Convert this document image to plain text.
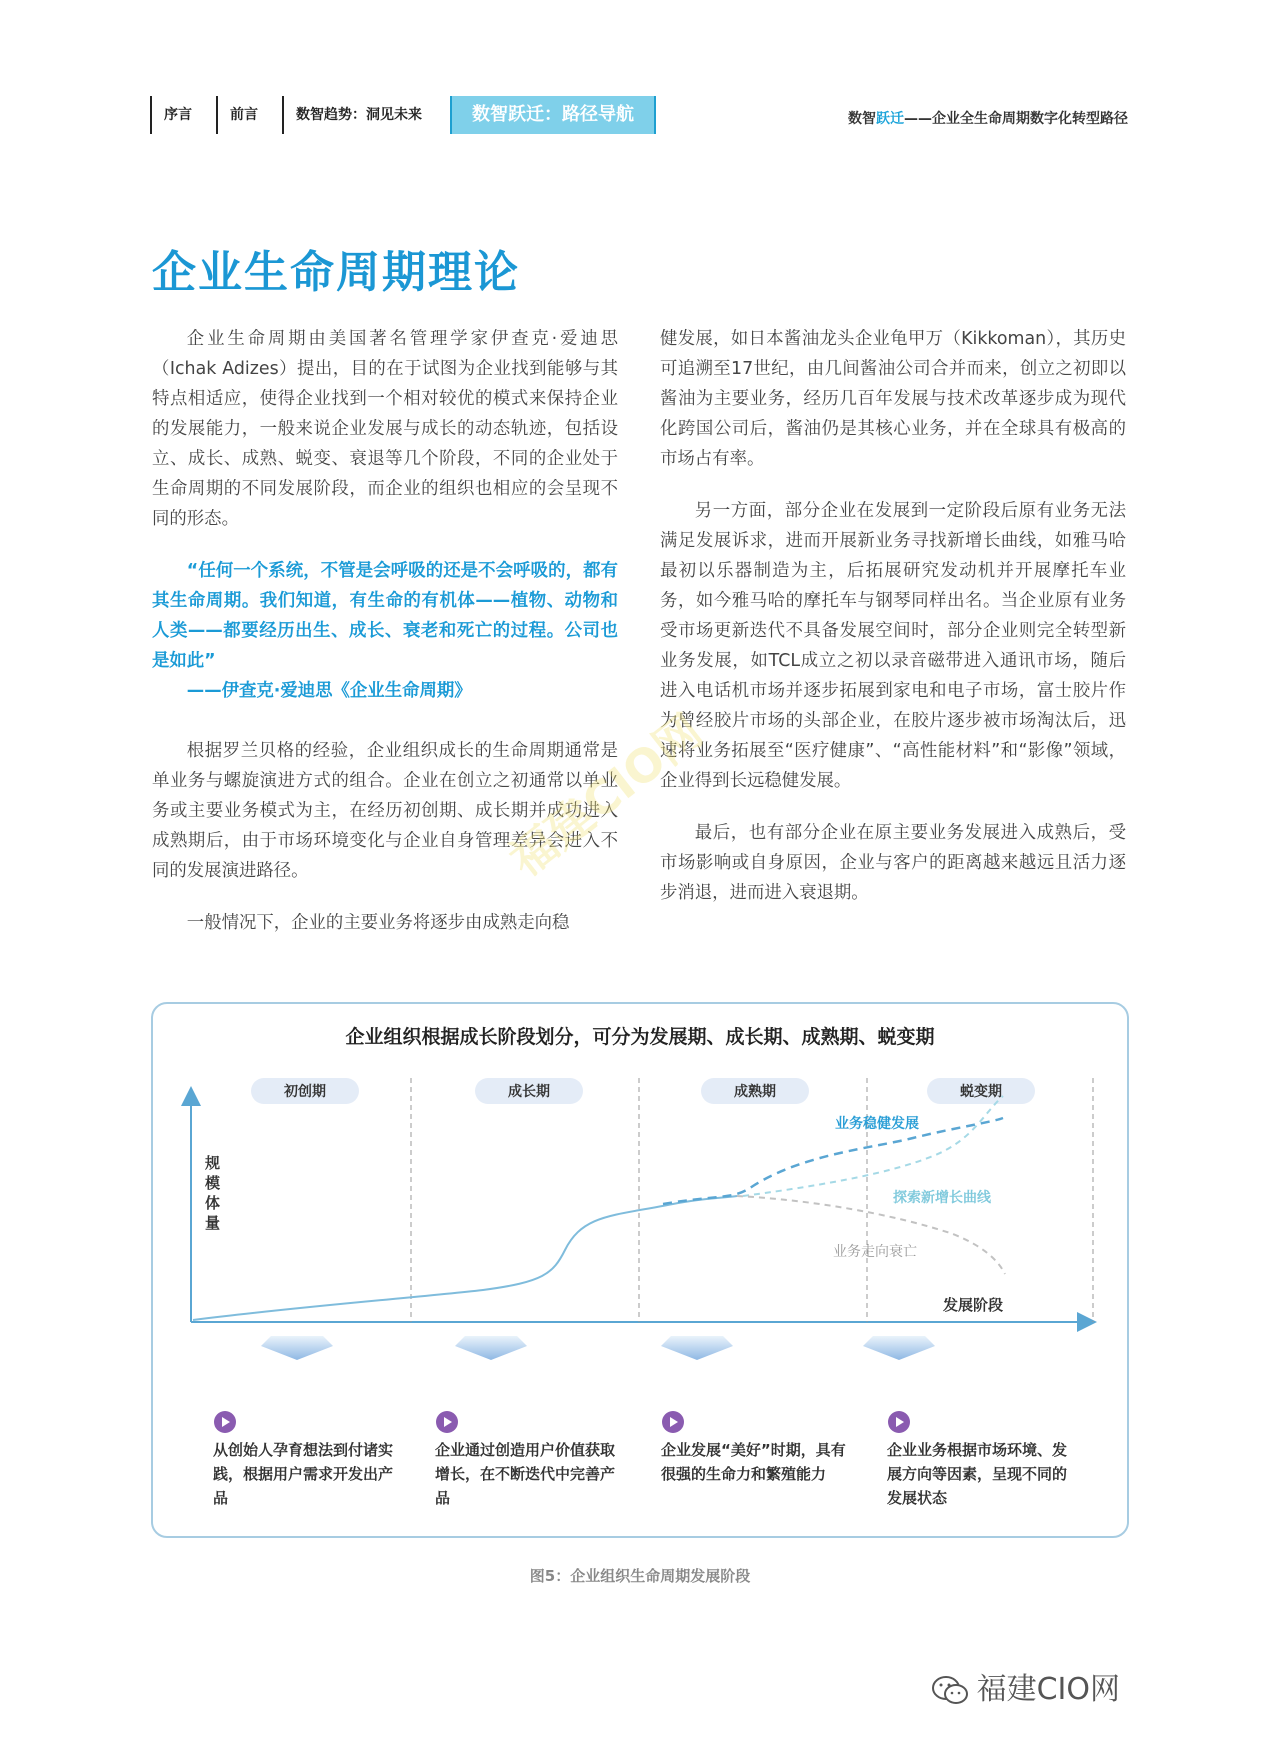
序言	前言	数智趋势：洞见未来	数智跃迁：路径导航	数智跃迁——企业全生命周期数字化转型路径
企业生命周期理论

企业生命周期由美国著名管理学家伊查克·爱迪思（Ichak Adizes）提出，目的在于试图为企业找到能够与其特点相适应，使得企业找到一个相对较优的模式来保持企业的发展能力，一般来说企业发展与成长的动态轨迹，包括设立、成长、成熟、蜕变、衰退等几个阶段，不同的企业处于生命周期的不同发展阶段，而企业的组织也相应的会呈现不同的形态。

“任何一个系统，不管是会呼吸的还是不会呼吸的，都有其生命周期。我们知道，有生命的有机体——植物、动物和人类——都要经历出生、成长、衰老和死亡的过程。公司也是如此”

——伊查克·爱迪思《企业生命周期》

根据罗兰贝格的经验，企业组织成长的生命周期通常是单业务与螺旋演进方式的组合。企业在创立之初通常以单业务或主要业务模式为主，在经历初创期、成长期并成功进入成熟期后，由于市场环境变化与企业自身管理差异会进入不同的发展演进路径。

一般情况下，企业的主要业务将逐步由成熟走向稳

健发展，如日本酱油龙头企业龟甲万（Kikkoman），其历史可追溯至17世纪，由几间酱油公司合并而来，创立之初即以酱油为主要业务，经历几百年发展与技术改革逐步成为现代化跨国公司后，酱油仍是其核心业务，并在全球具有极高的市场占有率。

另一方面，部分企业在发展到一定阶段后原有业务无法满足发展诉求，进而开展新业务寻找新增长曲线，如雅马哈最初以乐器制造为主，后拓展研究发动机并开展摩托车业务，如今雅马哈的摩托车与钢琴同样出名。当企业原有业务受市场更新迭代不具备发展空间时，部分企业则完全转型新业务发展，如TCL成立之初以录音磁带进入通讯市场，随后进入电话机市场并逐步拓展到家电和电子市场，富士胶片作为曾经胶片市场的头部企业，在胶片逐步被市场淘汰后，迅速将业务拓展至“医疗健康”、“高性能材料”和“影像”领域，企业得到长远稳健发展。

最后，也有部分企业在原主要业务发展进入成熟后，受市场影响或自身原因，企业与客户的距离越来越远且活力逐步消退，进而进入衰退期。

福建CIO网
企业组织根据成长阶段划分，可分为发展期、成长期、成熟期、蜕变期
初创期	成长期	成熟期	蜕变期
规模体量
发展阶段
业务稳健发展
探索新增长曲线
业务走向衰亡
从创始人孕育想法到付诸实践，根据用户需求开发出产品
企业通过创造用户价值获取增长，在不断迭代中完善产品
企业发展“美好”时期，具有很强的生命力和繁殖能力
企业业务根据市场环境、发展方向等因素，呈现不同的发展状态
图5：企业组织生命周期发展阶段
福建CIO网
